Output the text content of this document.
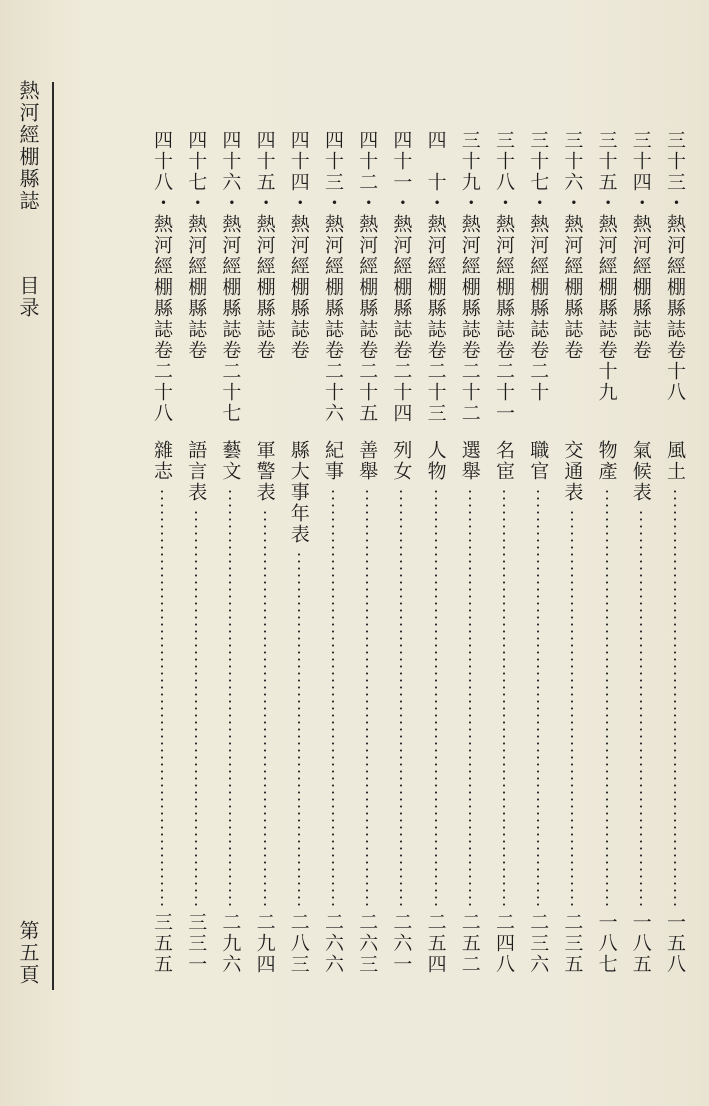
熱河經棚縣誌
目录
第五頁
三十三・熱河經棚縣誌卷十八
風土
一五八
三十四・熱河經棚縣誌卷
氣候表
一八五
三十五・熱河經棚縣誌卷十九
物產
一八七
三十六・熱河經棚縣誌卷
交通表
二三五
三十七・熱河經棚縣誌卷二十
職官
二三六
三十八・熱河經棚縣誌卷二十一
名宦
二四八
三十九・熱河經棚縣誌卷二十二
選舉
二五二
四　十・熱河經棚縣誌卷二十三
人物
二五四
四十一・熱河經棚縣誌卷二十四
列女
二六一
四十二・熱河經棚縣誌卷二十五
善舉
二六三
四十三・熱河經棚縣誌卷二十六
紀事
二六六
四十四・熱河經棚縣誌卷
縣大事年表
二八三
四十五・熱河經棚縣誌卷
軍警表
二九四
四十六・熱河經棚縣誌卷二十七
藝文
二九六
四十七・熱河經棚縣誌卷
語言表
三三一
四十八・熱河經棚縣誌卷二十八
雜志
三五五
